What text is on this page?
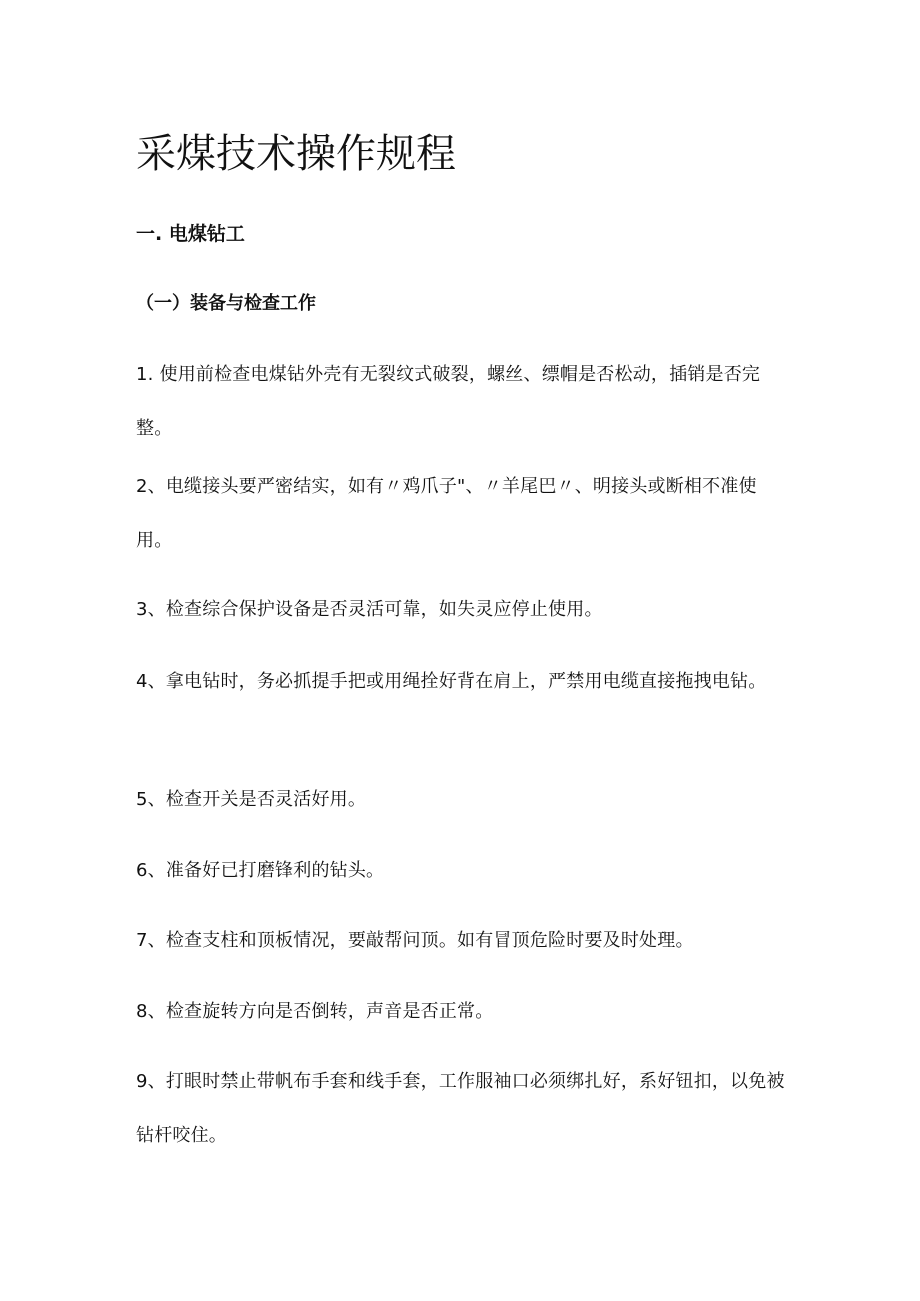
采煤技术操作规程
一. 电煤钻工
（一）装备与检查工作

1. 使用前检查电煤钻外壳有无裂纹式破裂，螺丝、缥帽是否松动，插销是否完整。

2、电缆接头要严密结实，如有〃鸡爪子"、〃羊尾巴〃、明接头或断相不准使用。

3、检查综合保护设备是否灵活可靠，如失灵应停止使用。

4、拿电钻时，务必抓提手把或用绳拴好背在肩上，严禁用电缆直接拖拽电钻。

5、检查开关是否灵活好用。

6、准备好已打磨锋利的钻头。

7、检查支柱和顶板情况，要敲帮问顶。如有冒顶危险时要及时处理。

8、检查旋转方向是否倒转，声音是否正常。

9、打眼时禁止带帆布手套和线手套，工作服袖口必须绑扎好，系好钮扣，以免被钻杆咬住。
